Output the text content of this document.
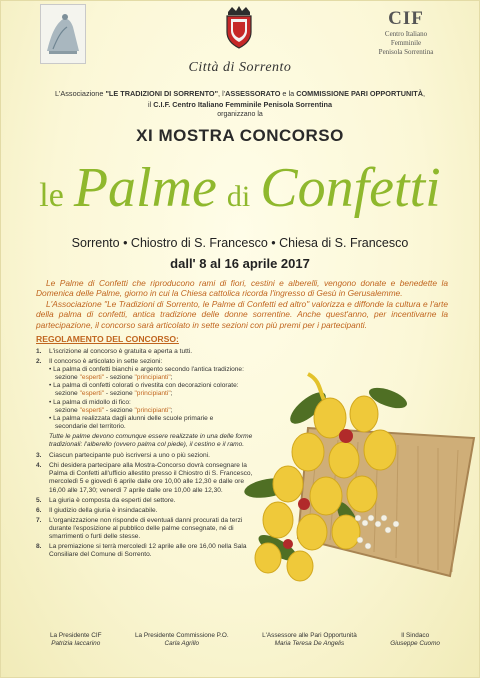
Città di Sorrento
CIF
Centro Italiano
Femminile
Penisola Sorrentina
L'Associazione "LE TRADIZIONI DI SORRENTO", l'ASSESSORATO e la COMMISSIONE PARI OPPORTUNITÀ,
il C.I.F. Centro Italiano Femminile Penisola Sorrentina
organizzano la
XI MOSTRA CONCORSO
le Palme di Confetti
Sorrento • Chiostro di S. Francesco • Chiesa di S. Francesco
dall' 8 al 16 aprile 2017

Le Palme di Confetti che riproducono rami di fiori, cestini e alberelli, vengono donate e benedette la Domenica delle Palme, giorno in cui la Chiesa cattolica ricorda l'ingresso di Gesù in Gerusalemme.

L'Associazione "Le Tradizioni di Sorrento, le Palme di Confetti ed altro" valorizza e diffonde la cultura e l'arte della palma di confetti, antica tradizione delle donne sorrentine. Anche quest'anno, per incentivarne la partecipazione, il concorso sarà articolato in sette sezioni con più premi per i partecipanti.

REGOLAMENTO DEL CONCORSO:
1. L'iscrizione al concorso è gratuita e aperta a tutti.
2. Il concorso è articolato in sette sezioni:
• La palma di confetti bianchi e argento secondo l'antica tradizione:
sezione "esperti" - sezione "principianti";
• La palma di confetti colorati o rivestita con decorazioni colorate:
sezione "esperti" - sezione "principianti";
• La palma di midollo di fico:
sezione "esperti" - sezione "principianti";
• La palma realizzata dagli alunni delle scuole primarie e
secondarie del territorio.
Tutte le palme devono comunque essere realizzate in una delle forme tradizionali: l'alberello (ovvero palma col piede), il cestino e il ramo.
3. Ciascun partecipante può iscriversi a uno o più sezioni.
4. Chi desidera partecipare alla Mostra-Concorso dovrà consegnare la Palma di Confetti all'ufficio allestito presso il Chiostro di S. Francesco, mercoledì 5 e giovedì 6 aprile dalle ore 10,00 alle 12,30 e dalle ore 16,00 alle 17,30; venerdì 7 aprile dalle ore 10,00 alle 12,30.
5. La giuria è composta da esperti del settore.
6. Il giudizio della giuria è insindacabile.
7. L'organizzazione non risponde di eventuali danni procurati da terzi durante l'esposizione al pubblico delle palme consegnate, né di smarrimenti o furti delle stesse.
8. La premiazione si terrà mercoledì 12 aprile alle ore 16,00 nella Sala Consiliare del Comune di Sorrento.
La Presidente CIF
Patrizia Iaccarino
La Presidente Commissione P.O.
Carla Agrillo
L'Assessore alle Pari Opportunità
Maria Teresa De Angelis
Il Sindaco
Giuseppe Cuomo
